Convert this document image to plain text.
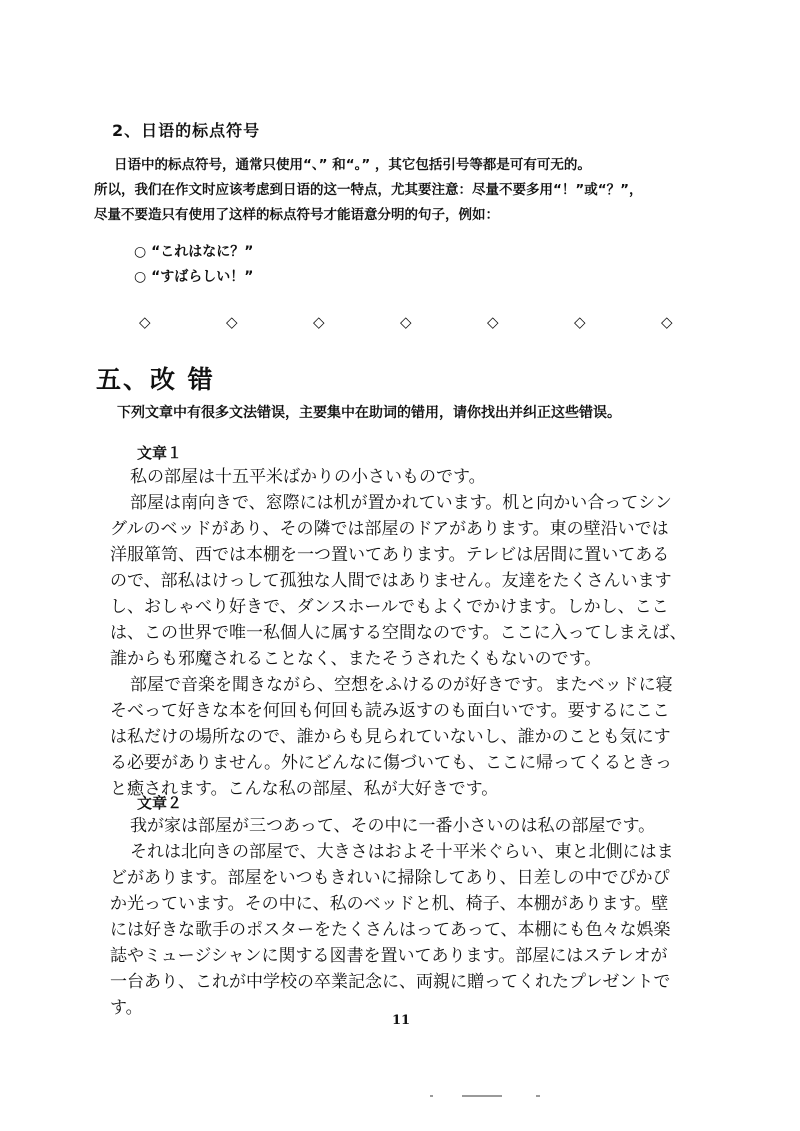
2、日语的标点符号

日语中的标点符号，通常只使用“、” 和“。” ，其它包括引号等都是可有可无的。

所以，我们在作文时应该考虑到日语的这一特点，尤其要注意：尽量不要多用“！”或“？”，

尽量不要造只有使用了这样的标点符号才能语意分明的句子，例如：

○ “これはなに？”
○ “すばらしい！”
◇	◇	◇	◇	◇	◇	◇
五、改 错
下列文章中有很多文法错误，主要集中在助词的错用，请你找出并纠正这些错误。
文章１
私の部屋は十五平米ばかりの小さいものです。
部屋は南向きで、窓際には机が置かれています。机と向かい合ってシン
グルのベッドがあり、その隣では部屋のドアがあります。東の壁沿いでは
洋服箪笥、西では本棚を一つ置いてあります。テレビは居間に置いてある
ので、部私はけっして孤独な人間ではありません。友達をたくさんいます
し、おしゃべり好きで、ダンスホールでもよくでかけます。しかし、ここ
は、この世界で唯一私個人に属する空間なのです。ここに入ってしまえば、
誰からも邪魔されることなく、またそうされたくもないのです。
部屋で音楽を聞きながら、空想をふけるのが好きです。またベッドに寝
そべって好きな本を何回も何回も読み返すのも面白いです。要するにここ
は私だけの場所なので、誰からも見られていないし、誰かのことも気にす
る必要がありません。外にどんなに傷づいても、ここに帰ってくるときっ
と癒されます。こんな私の部屋、私が大好きです。
文章２
我が家は部屋が三つあって、その中に一番小さいのは私の部屋です。
それは北向きの部屋で、大きさはおよそ十平米ぐらい、東と北側にはま
どがあります。部屋をいつもきれいに掃除してあり、日差しの中でぴかぴ
か光っています。その中に、私のベッドと机、椅子、本棚があります。壁
には好きな歌手のポスターをたくさんはってあって、本棚にも色々な娯楽
誌やミュージシャンに関する図書を置いてあります。部屋にはステレオが
一台あり、これが中学校の卒業記念に、両親に贈ってくれたプレゼントで
す。
11
